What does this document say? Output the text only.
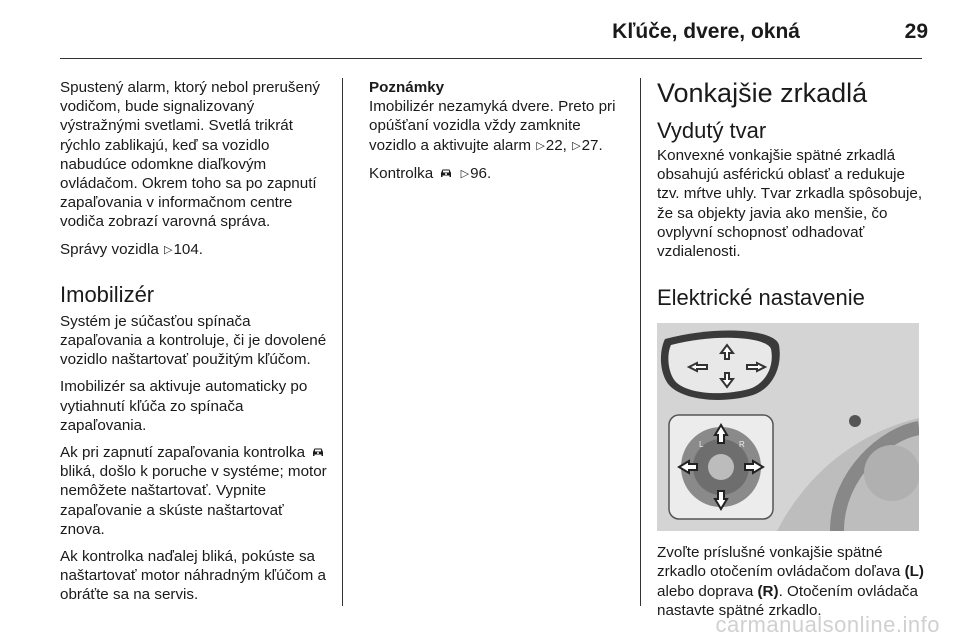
Kľúče, dvere, okná	29

Spustený alarm, ktorý nebol prerušený vodičom, bude signalizovaný výstražnými svetlami. Svetlá trikrát rýchlo zablikajú, keď sa vozidlo nabudúce odomkne diaľkovým ovládačom. Okrem toho sa po zapnutí zapaľovania v informačnom centre vodiča zobrazí varovná správa.

Správy vozidla ▷104.

Imobilizér

Systém je súčasťou spínača zapaľovania a kontroluje, či je dovolené vozidlo naštartovať použitým kľúčom.

Imobilizér sa aktivuje automaticky po vytiahnutí kľúča zo spínača zapaľovania.

Ak pri zapnutí zapaľovania kontrolka  bliká, došlo k poruche v systéme; motor nemôžete naštartovať. Vypnite zapaľovanie a skúste naštartovať znova.

Ak kontrolka naďalej bliká, pokúste sa naštartovať motor náhradným kľúčom a obráťte sa na servis.

Poznámky
Imobilizér nezamyká dvere. Preto pri opúšťaní vozidla vždy zamknite vozidlo a aktivujte alarm ▷22, ▷27.

Kontrolka ▷96.

Vonkajšie zrkadlá
Vydutý tvar

Konvexné vonkajšie spätné zrkadlá obsahujú asférickú oblasť a redukuje tzv. mŕtve uhly. Tvar zrkadla spôsobuje, že sa objekty javia ako menšie, čo ovplyvní schopnosť odhadovať vzdialenosti.

Elektrické nastavenie
L	R

Zvoľte príslušné vonkajšie spätné zrkadlo otočením ovládačom doľava (L) alebo doprava (R). Otočením ovládača nastavte spätné zrkadlo.

carmanualsonline.info
